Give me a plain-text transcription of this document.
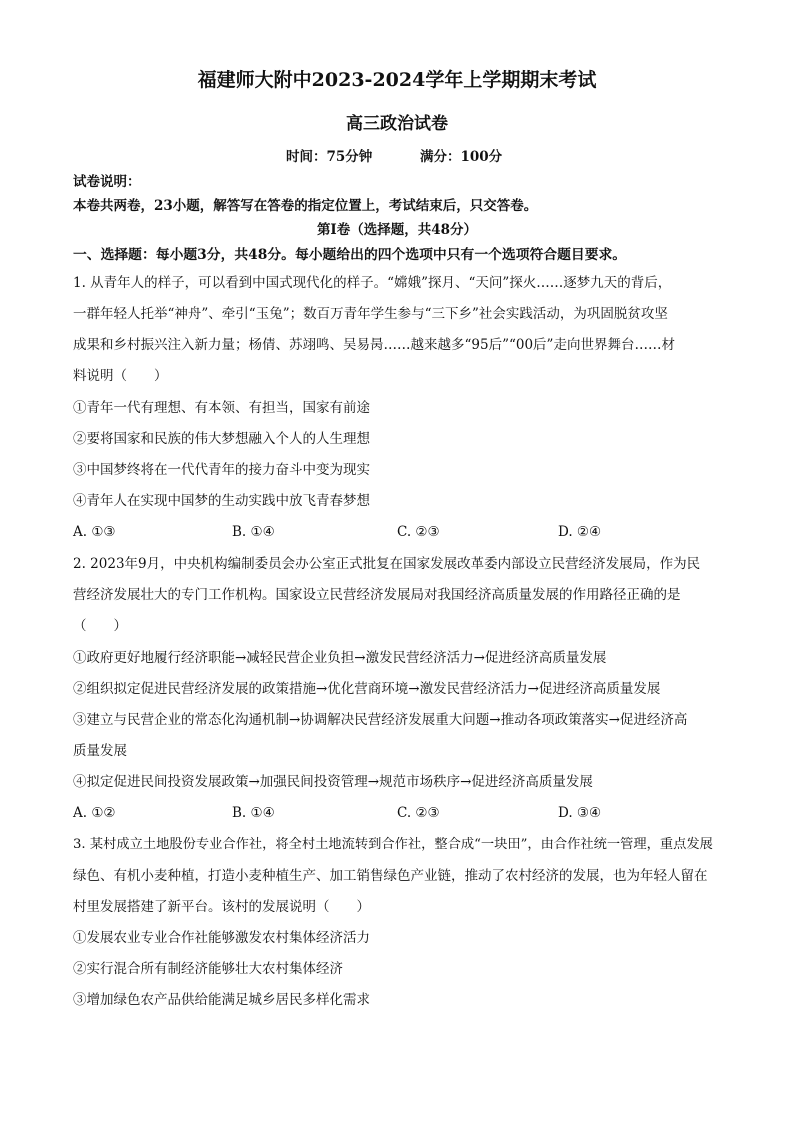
福建师大附中2023-2024学年上学期期末考试
高三政治试卷
时间：75分钟	满分：100分
试卷说明：
本卷共两卷，23小题，解答写在答卷的指定位置上，考试结束后，只交答卷。
第Ⅰ卷（选择题，共48分）
一、选择题：每小题3分，共48分。每小题给出的四个选项中只有一个选项符合题目要求。
1. 从青年人的样子，可以看到中国式现代化的样子。“嫦娥”探月、“天问”探火……逐梦九天的背后，
一群年轻人托举“神舟”、牵引“玉兔”；数百万青年学生参与“三下乡”社会实践活动，为巩固脱贫攻坚
成果和乡村振兴注入新力量；杨倩、苏翊鸣、吴易昺……越来越多“95后”“00后”走向世界舞台……材
料说明（　　）
①青年一代有理想、有本领、有担当，国家有前途
②要将国家和民族的伟大梦想融入个人的人生理想
③中国梦终将在一代代青年的接力奋斗中变为现实
④青年人在实现中国梦的生动实践中放飞青春梦想
A. ①③	B. ①④	C. ②③	D. ②④
2. 2023年9月，中央机构编制委员会办公室正式批复在国家发展改革委内部设立民营经济发展局，作为民
营经济发展壮大的专门工作机构。国家设立民营经济发展局对我国经济高质量发展的作用路径正确的是
（　　）
①政府更好地履行经济职能→减轻民营企业负担→激发民营经济活力→促进经济高质量发展
②组织拟定促进民营经济发展的政策措施→优化营商环境→激发民营经济活力→促进经济高质量发展
③建立与民营企业的常态化沟通机制→协调解决民营经济发展重大问题→推动各项政策落实→促进经济高
质量发展
④拟定促进民间投资发展政策→加强民间投资管理→规范市场秩序→促进经济高质量发展
A. ①②	B. ①④	C. ②③	D. ③④
3. 某村成立土地股份专业合作社，将全村土地流转到合作社，整合成“一块田”，由合作社统一管理，重点发展
绿色、有机小麦种植，打造小麦种植生产、加工销售绿色产业链，推动了农村经济的发展，也为年轻人留在
村里发展搭建了新平台。该村的发展说明（　　）
①发展农业专业合作社能够激发农村集体经济活力
②实行混合所有制经济能够壮大农村集体经济
③增加绿色农产品供给能满足城乡居民多样化需求
